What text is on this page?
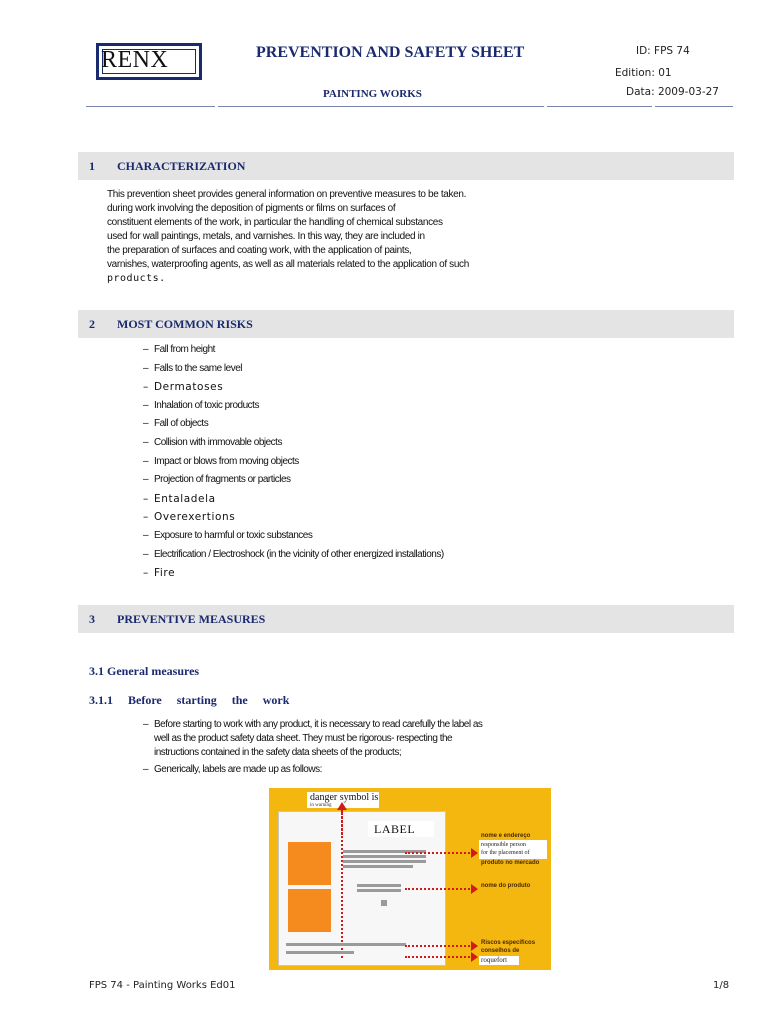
RENX	PREVENTION AND SAFETY SHEET
PAINTING WORKS
ID: FPS 74
Edition: 01
Data: 2009-03-27
1 CHARACTERIZATION
This prevention sheet provides general information on preventive measures to be taken.
during work involving the deposition of pigments or films on surfaces of
constituent elements of the work, in particular the handling of chemical substances
used for wall paintings, metals, and varnishes. In this way, they are included in
the preparation of surfaces and coating work, with the application of paints,
varnishes, waterproofing agents, as well as all materials related to the application of such
products.
2 MOST COMMON RISKS
– Fall from height
– Falls to the same level
– Dermatoses
– Inhalation of toxic products
– Fall of objects
– Collision with immovable objects
– Impact or blows from moving objects
– Projection of fragments or particles
– Entaladela
– Overexertions
– Exposure to harmful or toxic substances
– Electrification / Electroshock (in the vicinity of other energized installations)
– Fire
3 PREVENTIVE MEASURES
3.1 General measures
3.1.1 Before starting the work
– Before starting to work with any product, it is necessary to read carefully the label as well as the product safety data sheet. They must be rigorous- respecting the instructions contained in the safety data sheets of the products;
– Generically, labels are made up as follows:
danger symbol is
in warning
LABEL	nome e endereço
responsible person
for the placement of
produto no mercado
nome do produto
Riscos específicos
conselhos de
roquefort
FPS 74 - Painting Works Ed01	1/8
